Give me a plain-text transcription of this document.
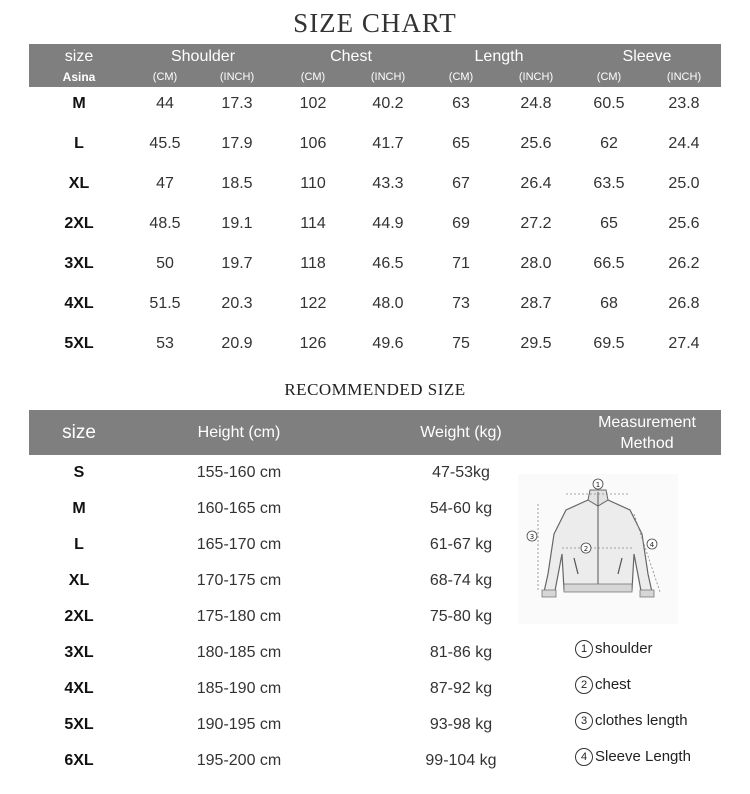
SIZE CHART
size
Asina
Shoulder	Chest	Length	Sleeve
(CM)	(INCH)	(CM)	(INCH)	(CM)	(INCH)	(CM)	(INCH)
M	44	17.3	102	40.2	63	24.8	60.5	23.8
L	45.5	17.9	106	41.7	65	25.6	62	24.4
XL	47	18.5	110	43.3	67	26.4	63.5	25.0
2XL	48.5	19.1	114	44.9	69	27.2	65	25.6
3XL	50	19.7	118	46.5	71	28.0	66.5	26.2
4XL	51.5	20.3	122	48.0	73	28.7	68	26.8
5XL	53	20.9	126	49.6	75	29.5	69.5	27.4
RECOMMENDED SIZE
size	Height (cm)	Weight (kg)
Measurement
Method
S	155-160 cm	47-53kg
M	160-165 cm	54-60 kg
L	165-170 cm	61-67 kg
XL	170-175 cm	68-74 kg
2XL	175-180 cm	75-80 kg
3XL	180-185 cm	81-86 kg
4XL	185-190 cm	87-92 kg
5XL	190-195 cm	93-98 kg
6XL	195-200 cm	99-104 kg
1
2
3
4
1 shoulder
2 chest
3 clothes length
4 Sleeve Length
